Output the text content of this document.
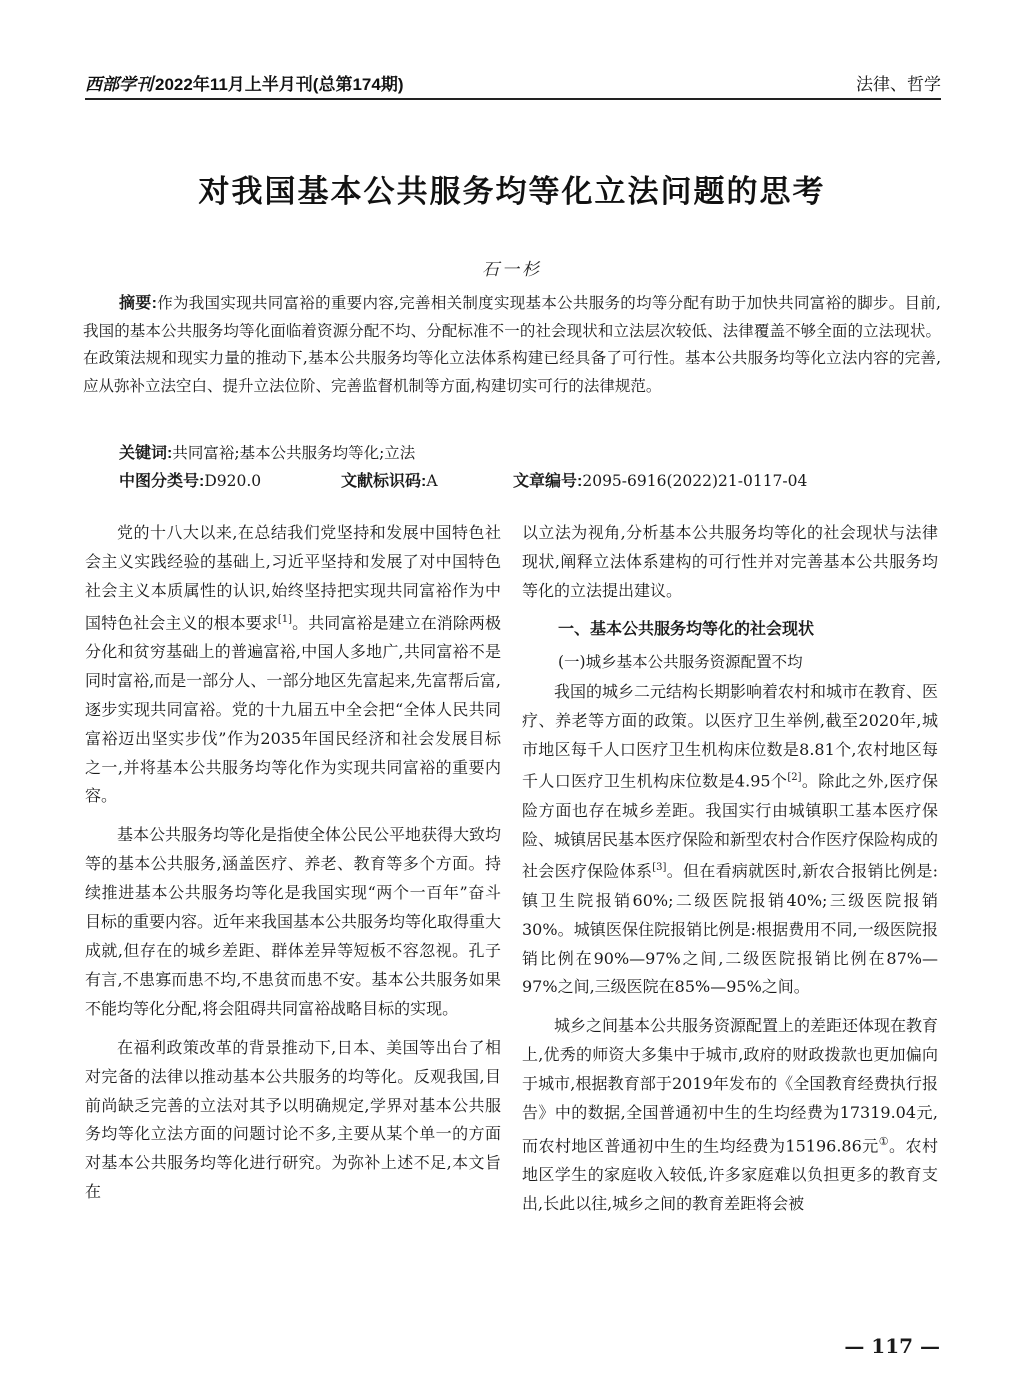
西部学刊 2022年11月上半月刊(总第174期)	法律、哲学
对我国基本公共服务均等化立法问题的思考
石一杉

摘要:作为我国实现共同富裕的重要内容,完善相关制度实现基本公共服务的均等分配有助于加快共同富裕的脚步。目前,我国的基本公共服务均等化面临着资源分配不均、分配标准不一的社会现状和立法层次较低、法律覆盖不够全面的立法现状。在政策法规和现实力量的推动下,基本公共服务均等化立法体系构建已经具备了可行性。基本公共服务均等化立法内容的完善,应从弥补立法空白、提升立法位阶、完善监督机制等方面,构建切实可行的法律规范。

关键词:共同富裕;基本公共服务均等化;立法
中图分类号:D920.0	文献标识码:A	文章编号:2095-6916(2022)21-0117-04

党的十八大以来,在总结我们党坚持和发展中国特色社会主义实践经验的基础上,习近平坚持和发展了对中国特色社会主义本质属性的认识,始终坚持把实现共同富裕作为中国特色社会主义的根本要求[1]。共同富裕是建立在消除两极分化和贫穷基础上的普遍富裕,中国人多地广,共同富裕不是同时富裕,而是一部分人、一部分地区先富起来,先富帮后富,逐步实现共同富裕。党的十九届五中全会把“全体人民共同富裕迈出坚实步伐”作为2035年国民经济和社会发展目标之一,并将基本公共服务均等化作为实现共同富裕的重要内容。

基本公共服务均等化是指使全体公民公平地获得大致均等的基本公共服务,涵盖医疗、养老、教育等多个方面。持续推进基本公共服务均等化是我国实现“两个一百年”奋斗目标的重要内容。近年来我国基本公共服务均等化取得重大成就,但存在的城乡差距、群体差异等短板不容忽视。孔子有言,不患寡而患不均,不患贫而患不安。基本公共服务如果不能均等化分配,将会阻碍共同富裕战略目标的实现。

在福利政策改革的背景推动下,日本、美国等出台了相对完备的法律以推动基本公共服务的均等化。反观我国,目前尚缺乏完善的立法对其予以明确规定,学界对基本公共服务均等化立法方面的问题讨论不多,主要从某个单一的方面对基本公共服务均等化进行研究。为弥补上述不足,本文旨在

以立法为视角,分析基本公共服务均等化的社会现状与法律现状,阐释立法体系建构的可行性并对完善基本公共服务均等化的立法提出建议。

一、基本公共服务均等化的社会现状
(一)城乡基本公共服务资源配置不均

我国的城乡二元结构长期影响着农村和城市在教育、医疗、养老等方面的政策。以医疗卫生举例,截至2020年,城市地区每千人口医疗卫生机构床位数是8.81个,农村地区每千人口医疗卫生机构床位数是4.95个[2]。除此之外,医疗保险方面也存在城乡差距。我国实行由城镇职工基本医疗保险、城镇居民基本医疗保险和新型农村合作医疗保险构成的社会医疗保险体系[3]。但在看病就医时,新农合报销比例是:镇卫生院报销60%;二级医院报销40%;三级医院报销30%。城镇医保住院报销比例是:根据费用不同,一级医院报销比例在90%—97%之间,二级医院报销比例在87%—97%之间,三级医院在85%—95%之间。

城乡之间基本公共服务资源配置上的差距还体现在教育上,优秀的师资大多集中于城市,政府的财政拨款也更加偏向于城市,根据教育部于2019年发布的《全国教育经费执行报告》中的数据,全国普通初中生的生均经费为17319.04元,而农村地区普通初中生的生均经费为15196.86元①。农村地区学生的家庭收入较低,许多家庭难以负担更多的教育支出,长此以往,城乡之间的教育差距将会被

— 117 —
